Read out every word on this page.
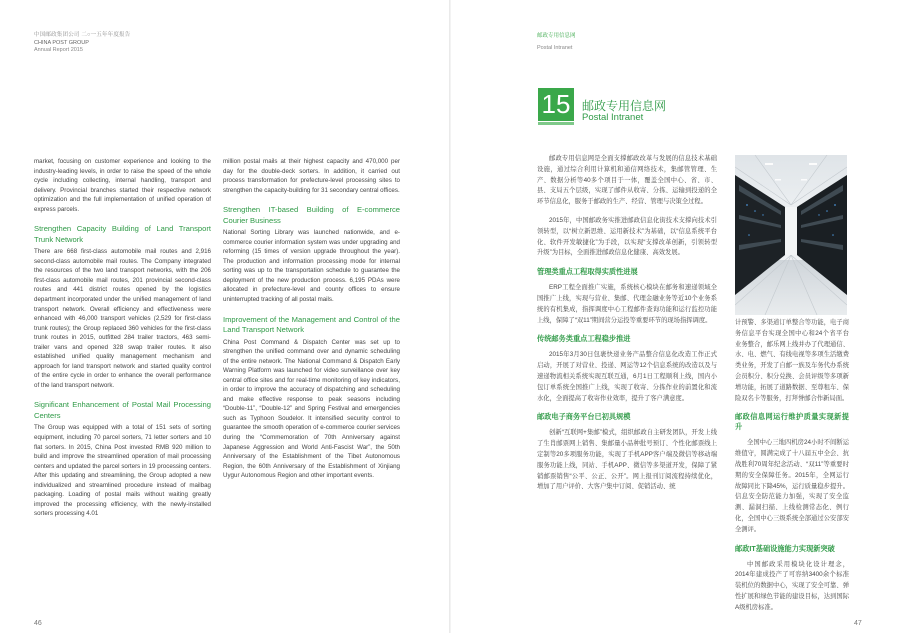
中国邮政集团公司 二○一五年年度报告
CHINA POST GROUP
Annual Report 2015
邮政专用信息网
Postal Intranet
15 邮政专用信息网
Postal Intranet

market, focusing on customer experience and looking to the industry-leading levels, in order to raise the speed of the whole cycle including collecting, internal handling, transport and delivery. Provincial branches started their respective network optimization and the full implementation of unified operation of express parcels.

Strengthen Capacity Building of Land Transport Trunk Network

There are 668 first-class automobile mail routes and 2,916 second-class automobile mail routes. The Company integrated the resources of the two land transport networks, with the 206 first-class automobile mail routes, 201 provincial second-class routes and 441 district routes opened by the logistics department incorporated under the unified management of land transport network. Overall efficiency and effectiveness were enhanced with 46,000 transport vehicles (2,529 for first-class trunk routes); the Group replaced 360 vehicles for the first-class trunk routes in 2015, outfitted 284 trailer tractors, 463 semi-trailer vans and opened 328 swap trailer routes. It also established unified quality management mechanism and approach for land transport network and started quality control of the entire cycle in order to enhance the overall performance of the land transport network.

Significant Enhancement of Postal Mail Processing Centers

The Group was equipped with a total of 151 sets of sorting equipment, including 70 parcel sorters, 71 letter sorters and 10 flat sorters. In 2015, China Post invested RMB 920 million to build and improve the streamlined operation of mail processing centers and updated the parcel sorters in 19 processing centers. After this updating and streamlining, the Group adopted a new individualized and streamlined procedure instead of mailbag packaging. Loading of postal mails without waiting greatly improved the processing efficiency, with the newly-installed sorters processing 4.01

million postal mails at their highest capacity and 470,000 per day for the double-deck sorters. In addition, it carried out process transformation for prefecture-level processing sites to strengthen the capacity-building for 31 secondary central offices.

Strengthen IT-based Building of E-commerce Courier Business

National Sorting Library was launched nationwide, and e-commerce courier information system was under upgrading and reforming (15 times of version upgrade throughout the year). The production and information processing mode for internal sorting was up to the transportation schedule to guarantee the deployment of the new production process. 6,195 PDAs were allocated in prefecture-level and county offices to ensure uninterrupted tracking of all postal mails.

Improvement of the Management and Control of the Land Transport Network

China Post Command & Dispatch Center was set up to strengthen the unified command over and dynamic scheduling of the entire network. The National Command & Dispatch Early Warning Platform was launched for video surveillance over key central office sites and for real-time monitoring of key indicators, in order to improve the accuracy of dispatching and scheduling and make effective response to peak seasons including “Double-11”, “Double-12” and Spring Festival and emergencies such as Typhoon Soudelor. It intensified security control to guarantee the smooth operation of e-commerce courier services during the “Commemoration of 70th Anniversary against Japanese Aggression and World Anti-Fascist War”, the 50th Anniversary of the Establishment of the Tibet Autonomous Region, the 60th Anniversary of the Establishment of Xinjiang Uygur Autonomous Region and other important events.

邮政专用信息网是全面支撑邮政改革与发展的信息技术基础设施，通过综合利用计算机和通信网络技术，集邮管管理、生产、数据分析等40多个项目于一体，覆盖全国中心、省、市、县、支局五个层级，实现了邮件从收寄、分拣、运输到投递的全环节信息化，服务于邮政的生产、经营、管理与决策全过程。

2015年，中国邮政务实推进邮政信息化街技术支撑向技术引领转型，以“树立新思维、运用新技术”为基础，以“信息系统平台化、软件开发敏捷化”为手段，以实现“支撑改革创新，引领转型升级”为目标，全面推进邮政信息化健康、高效发展。

管理类重点工程取得实质性进展

ERP工程全面推广实施，系统核心模块在邮务和速递领域全国推广上线，实现与营业、集邮、代理金融业务等近10个业务系统的有机集成，指挥调度中心工程邮件查询功能和运行监控功能上线，保障了“双11”期间营分运投等重要环节的现场指挥调度。

传统邮务类重点工程稳步推进

2015年3月30日包裹快递业务产品整合信息化改造工作正式启动，开展了对营业、投递、网运等12个信息系统的改造以及与速递物流相关系统实现互联互通，6月1日工程顺利上线，国内小包订单系统全国推广上线，实现了收寄、分拣作业的前置化和流水化，全面提高了收寄作业效率，提升了客户满意度。

邮政电子商务平台已初具规模

创新“互联网+集邮”模式，组织邮政自主研发团队，开发上线了生肖邮票网上销售、集邮量小品种批号预订、个性化邮票线上定制等20多项服务功能，实现了手机APP客户端及微信等移动端服务功能上线，同站、手机APP、微信等多渠道开发，保障了紧销邮票销售“公平、公正、公开”。网上报刊订阅流程持续优化，增加了用户评价、大客户集中订阅、促销活动、统

计预警、多渠道订单整合等功能，电子商务信息平台实现全国中心和24个省平台业务整合，邮乐网上线并办了代理通信、水、电、燃气、有线电视等多项生活缴费类业务，开发了自邮一族及车务代办系统会员积分、积分兑换、会员评级等多项新增功能，拓展了道路数据、至尊租车、保险双名卡等服务，打拜誉邮合作新局面。

邮政信息网运行维护质量实现新提升

全国中心三地四机房24小时不间断运维值守，圆满完成了十八届五中全会、抗战胜利70周年纪念活动、“双11”等重要时期的安全保障任务。2015年，全网运行故障同比下降45%，运行质量稳步提升。信息安全防范能力加强，实现了安全监测、漏洞扫描、上线检测常态化、例行化，全国中心三级系统全部通过公安部安全测评。

邮政IT基础设施能力实现新突破

中国邮政采用模块化设计理念，2014年建成投产了可容纳3400余个标准装机位的数据中心，实现了安全可靠、弹性扩展和绿色节能的建设目标，达到国际A级机房标准。

46	47
